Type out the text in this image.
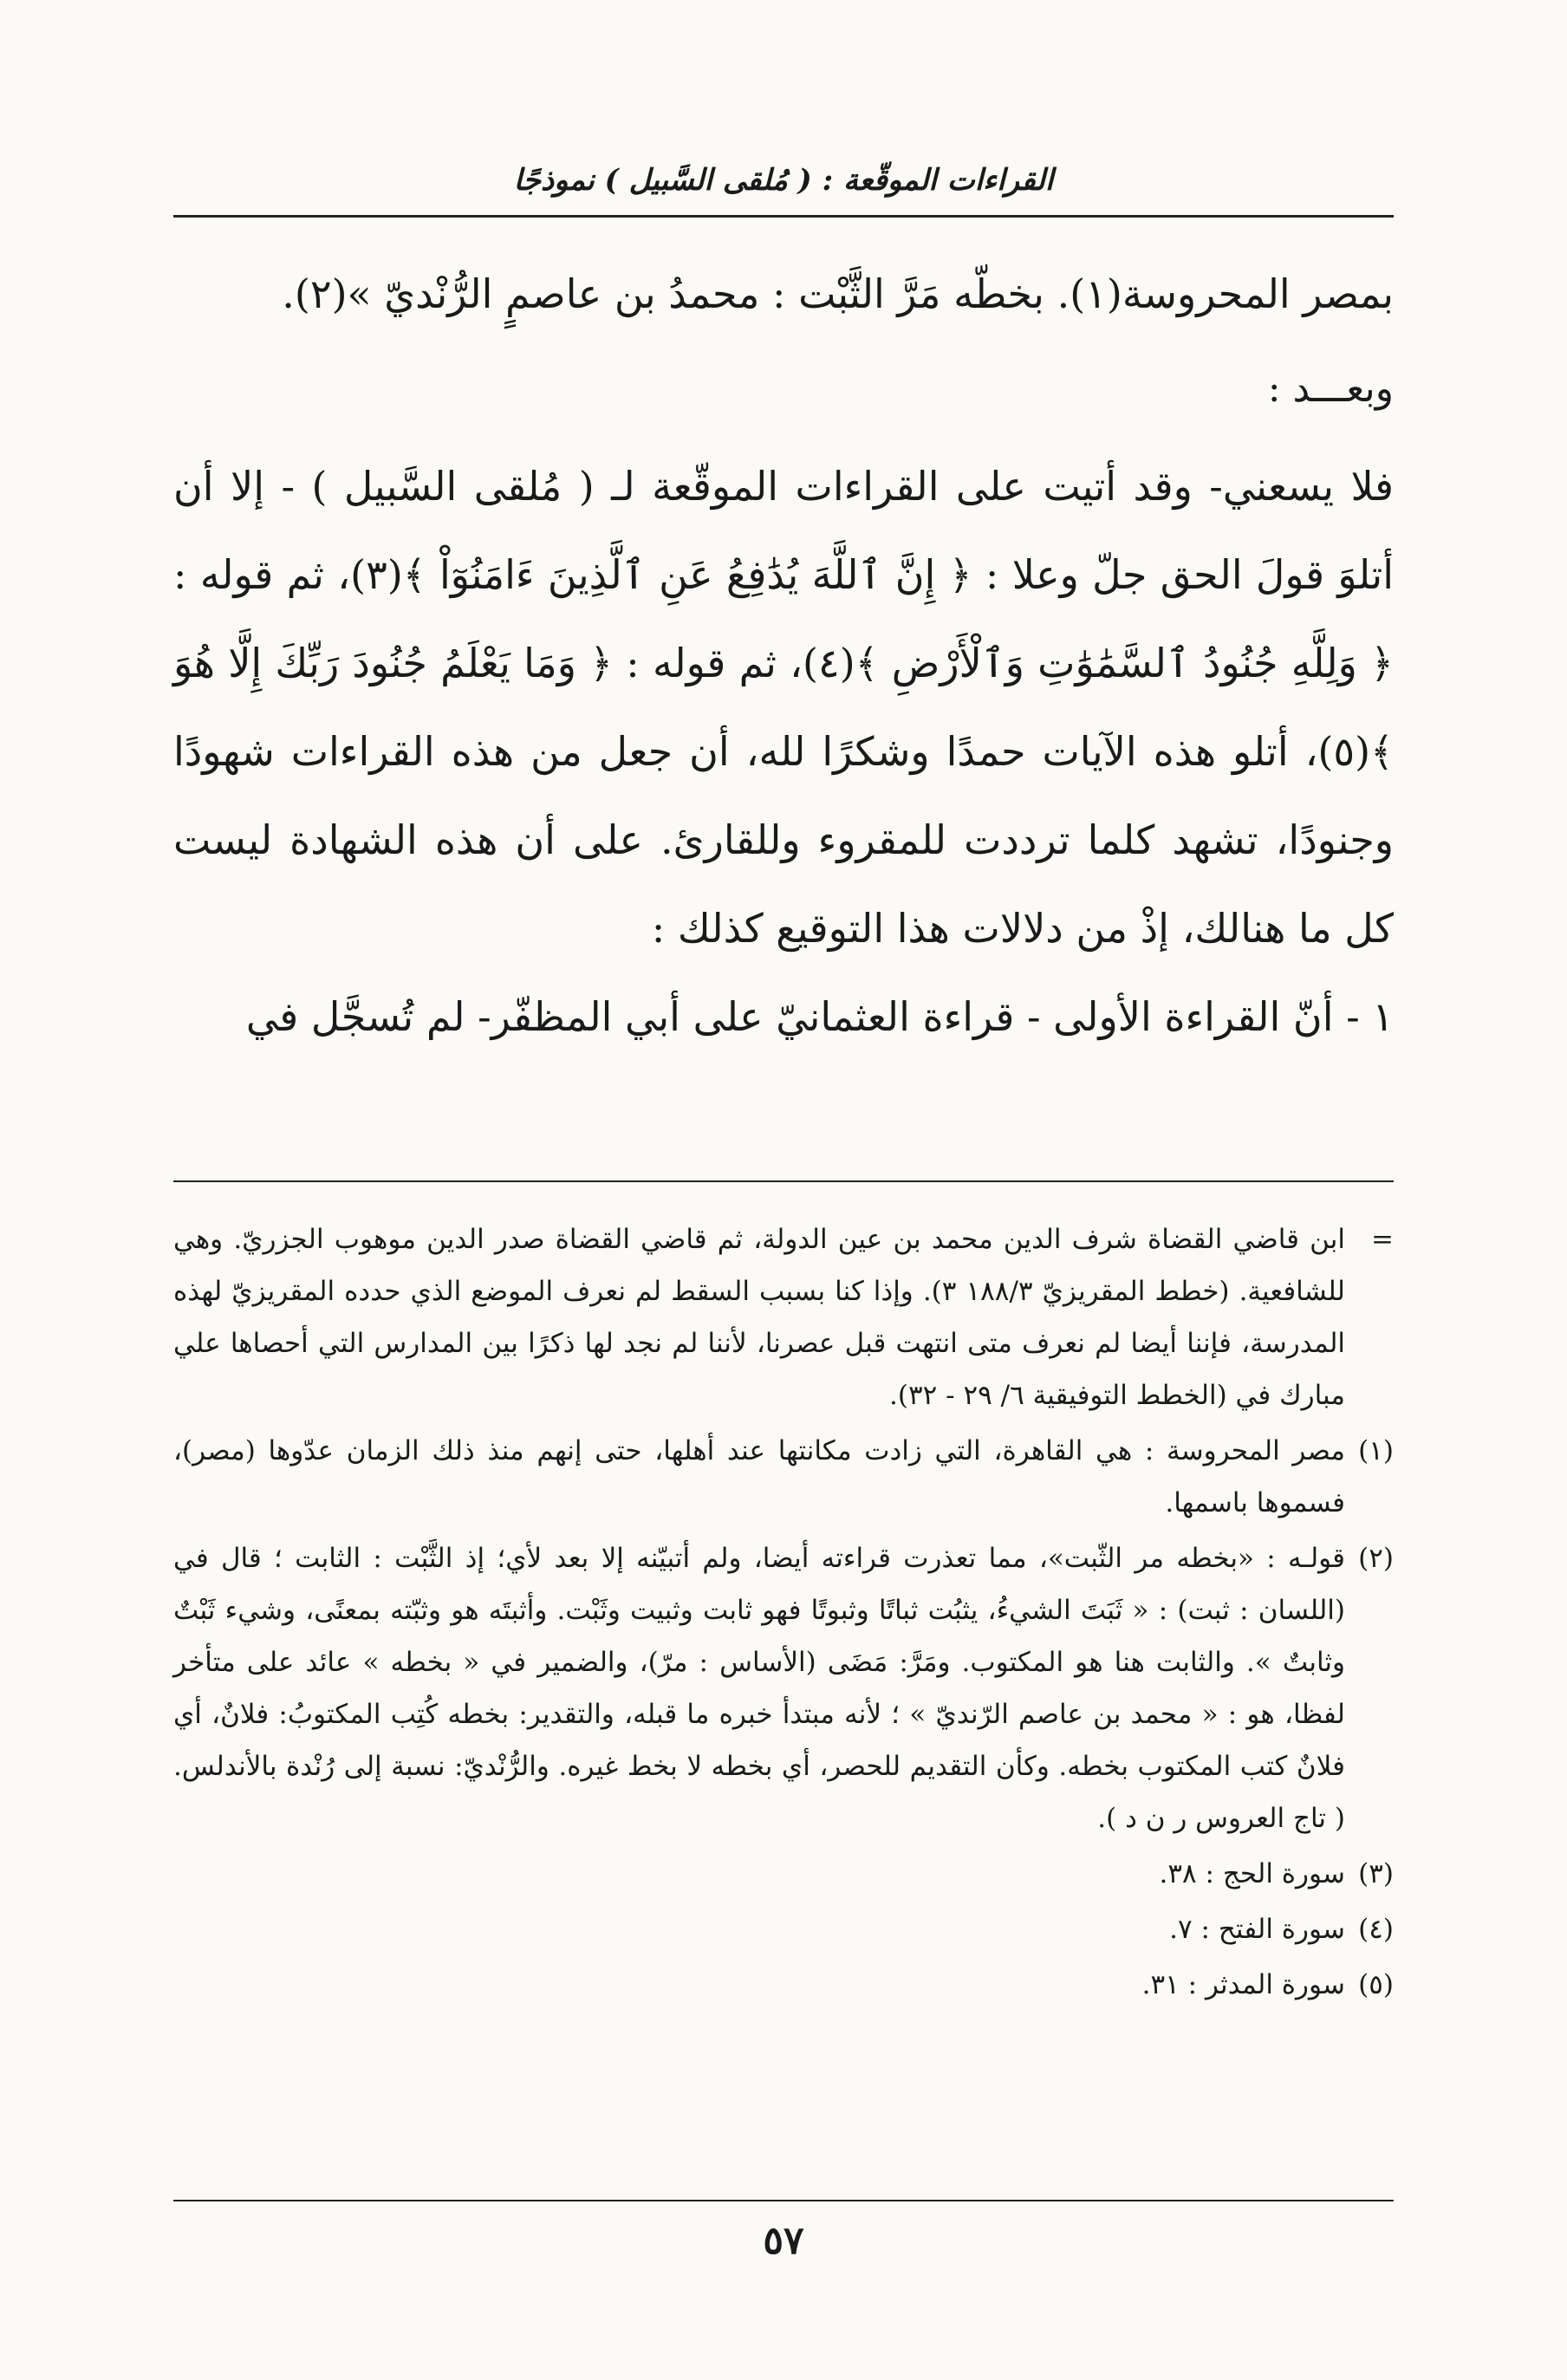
القراءات الموقّعة : ( مُلقى السَّبيل ) نموذجًا

بمصر المحروسة(١). بخطّه مَرَّ الثَّبْت : محمدُ بن عاصمٍ الرُّنْديّ »(٢).

وبعـــد :

فلا يسعني- وقد أتيت على القراءات الموقّعة لـ ( مُلقى السَّبيل ) - إلا أن أتلوَ قولَ الحق جلّ وعلا : ﴿ إِنَّ ٱللَّهَ يُدَٰفِعُ عَنِ ٱلَّذِينَ ءَامَنُوٓاْ ﴾(٣)، ثم قوله : ﴿ وَلِلَّهِ جُنُودُ ٱلسَّمَٰوَٰتِ وَٱلْأَرْضِ ﴾(٤)، ثم قوله : ﴿ وَمَا يَعْلَمُ جُنُودَ رَبِّكَ إِلَّا هُوَ ﴾(٥)، أتلو هذه الآيات حمدًا وشكرًا لله، أن جعل من هذه القراءات شهودًا وجنودًا، تشهد كلما ترددت للمقروء وللقارئ. على أن هذه الشهادة ليست كل ما هنالك، إذْ من دلالات هذا التوقيع كذلك :

١ - أنّ القراءة الأولى - قراءة العثمانيّ على أبي المظفّر- لم تُسجَّل في

=ابن قاضي القضاة شرف الدين محمد بن عين الدولة، ثم قاضي القضاة صدر الدين موهوب الجزريّ. وهي للشافعية. (خطط المقريزيّ ١٨٨/٣ ٣). وإذا كنا بسبب السقط لم نعرف الموضع الذي حدده المقريزيّ لهذه المدرسة، فإننا أيضا لم نعرف متى انتهت قبل عصرنا، لأننا لم نجد لها ذكرًا بين المدارس التي أحصاها علي مبارك في (الخطط التوفيقية ٦/ ٢٩ - ٣٢).

(١)مصر المحروسة : هي القاهرة، التي زادت مكانتها عند أهلها، حتى إنهم منذ ذلك الزمان عدّوها (مصر)، فسموها باسمها.

(٢)قولـه : «بخطه مر الثّبت»، مما تعذرت قراءته أيضا، ولم أتبيّنه إلا بعد لأي؛ إذ الثَّبْت : الثابت ؛ قال في (اللسان : ثبت) : « ثَبَتَ الشيءُ، يثبُت ثباتًا وثبوتًا فهو ثابت وثبيت وثَبْت. وأثبتَه هو وثبّته بمعنًى، وشيء ثَبْتٌ وثابتٌ ». والثابت هنا هو المكتوب. ومَرَّ: مَضَى (الأساس : مرّ)، والضمير في « بخطه » عائد على متأخر لفظا، هو : « محمد بن عاصم الرّنديّ » ؛ لأنه مبتدأ خبره ما قبله، والتقدير: بخطه كُتِب المكتوبُ: فلانٌ، أي فلانٌ كتب المكتوب بخطه. وكأن التقديم للحصر، أي بخطه لا بخط غيره. والرُّنْديّ: نسبة إلى رُنْدة بالأندلس. ( تاج العروس ر ن د ).

(٣)سورة الحج : ٣٨.

(٤)سورة الفتح : ٧.

(٥)سورة المدثر : ٣١.

٥٧
